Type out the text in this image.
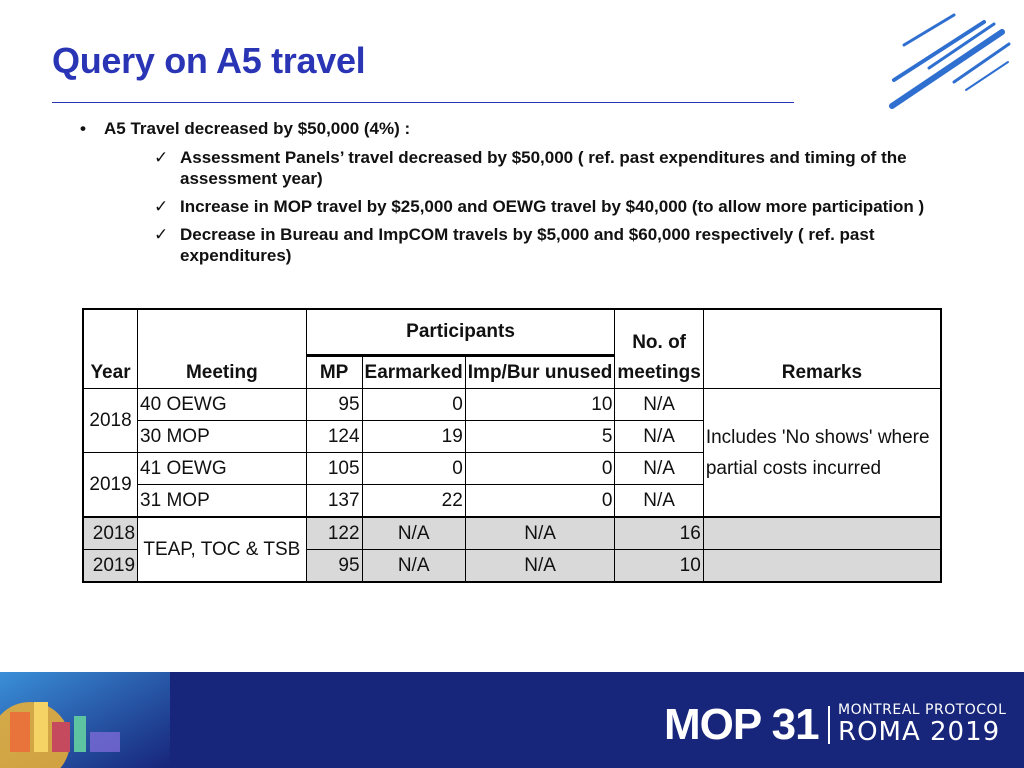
Query on A5 travel
• A5 Travel decreased by $50,000 (4%) :
✓ Assessment Panels’ travel decreased by $50,000 ( ref. past expenditures and timing of the assessment year)
✓ Increase in MOP travel by $25,000 and OEWG travel by $40,000 (to allow more participation )
✓ Decrease in Bureau and ImpCOM travels by $5,000 and $60,000 respectively ( ref. past expenditures)
Year	Meeting	Participants			No. of meetings	Remarks
		MP	Earmarked	Imp/Bur unused		
2018	40 OEWG	95	0	10	N/A	Includes 'No shows' where partial costs incurred
	30 MOP	124	19	5	N/A	
2019	41 OEWG	105	0	0	N/A	
	31 MOP	137	22	0	N/A	
2018	TEAP, TOC & TSB	122	N/A	N/A	16	
2019		95	N/A	N/A	10	
MOP 31 MONTREAL PROTOCOL
ROMA 2019
